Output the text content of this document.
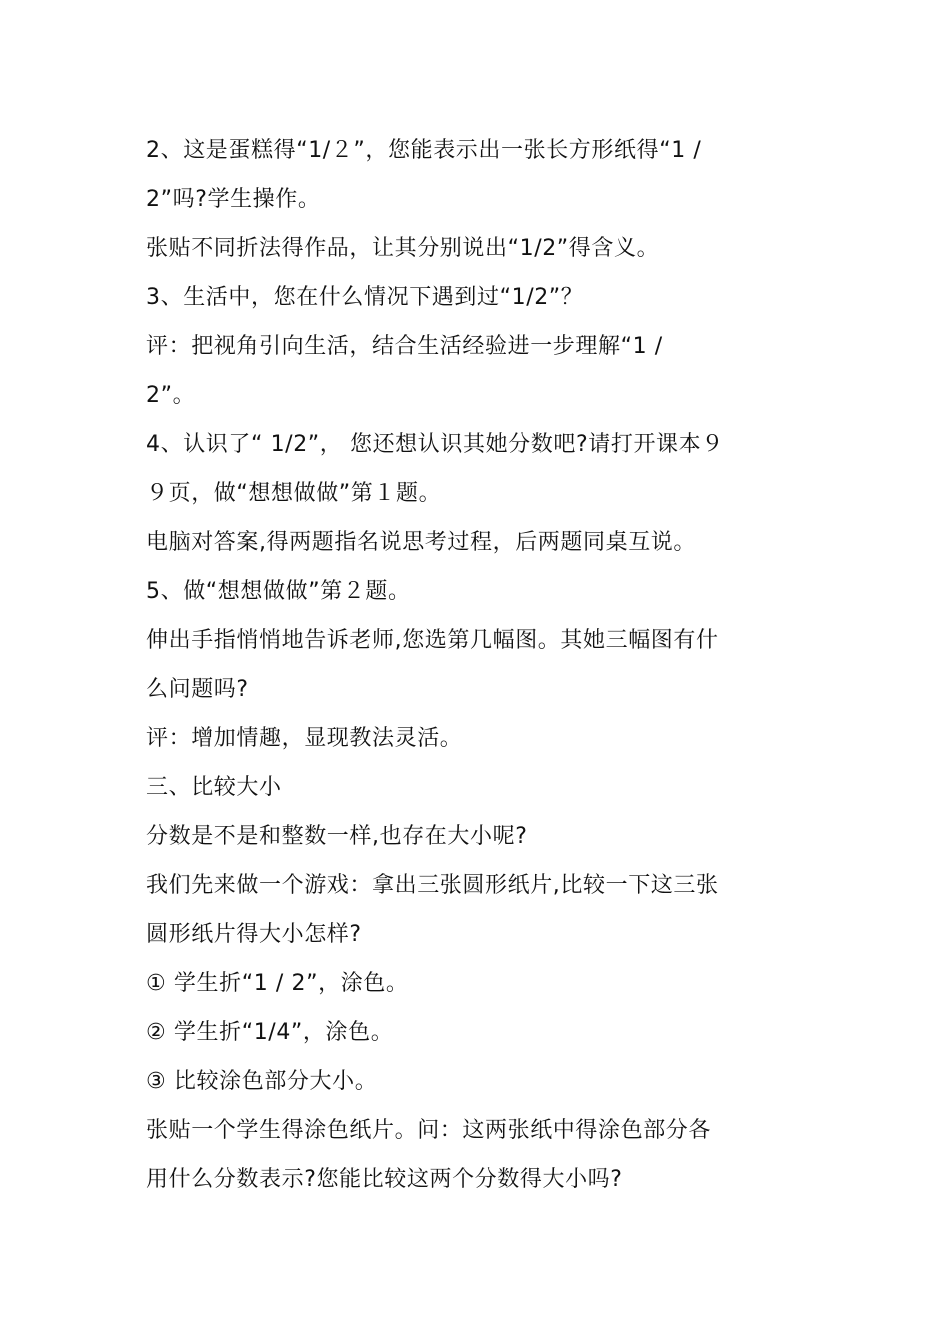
2、这是蛋糕得“1/２”，您能表示出一张长方形纸得“1 /
2”吗?学生操作。
张贴不同折法得作品，让其分别说出“1/2”得含义。
3、生活中，您在什么情况下遇到过“1/2”？
评：把视角引向生活，结合生活经验进一步理解“1 /
2”。
4、认识了“ 1/2”， 您还想认识其她分数吧?请打开课本９
９页，做“想想做做”第１题。
电脑对答案,得两题指名说思考过程，后两题同桌互说。
5、做“想想做做”第２题。
伸出手指悄悄地告诉老师,您选第几幅图。其她三幅图有什
么问题吗?
评：增加情趣，显现教法灵活。
三、比较大小
分数是不是和整数一样,也存在大小呢?
我们先来做一个游戏：拿出三张圆形纸片,比较一下这三张
圆形纸片得大小怎样?
① 学生折“1 / 2”，涂色。
② 学生折“1/4”，涂色。
③ 比较涂色部分大小。
张贴一个学生得涂色纸片。问：这两张纸中得涂色部分各
用什么分数表示?您能比较这两个分数得大小吗?
